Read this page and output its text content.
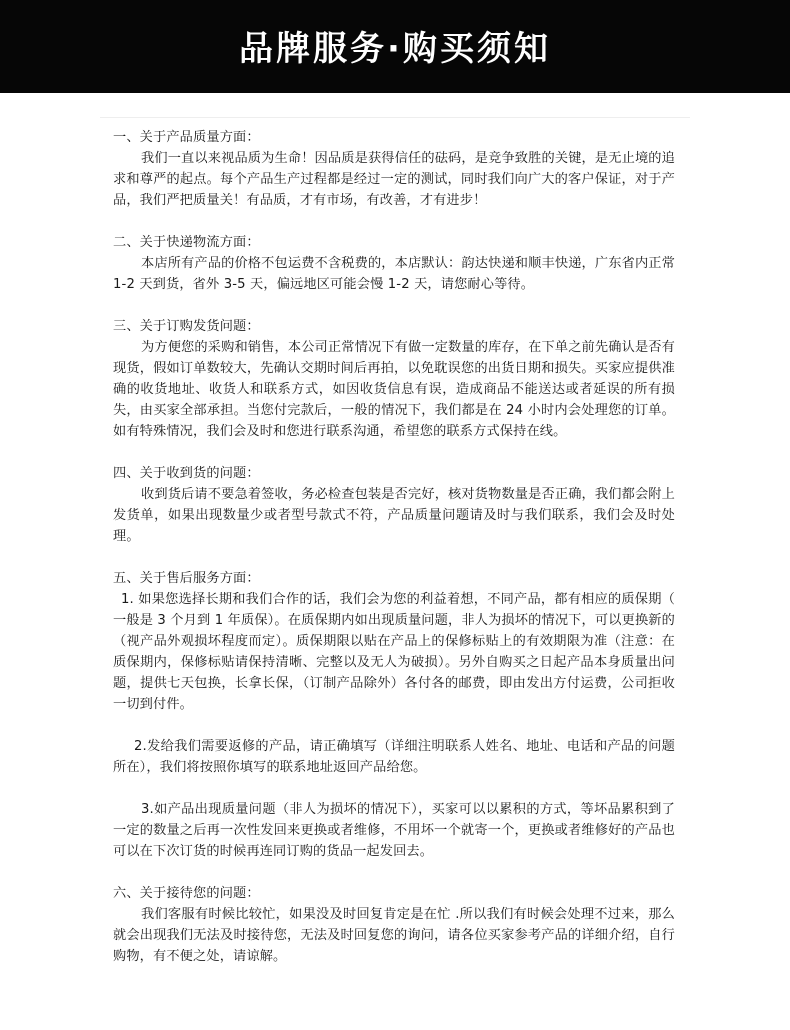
品牌服务·购买须知

一、关于产品质量方面：

我们一直以来视品质为生命！因品质是获得信任的砝码，是竞争致胜的关键，是无止境的追求和尊严的起点。每个产品生产过程都是经过一定的测试，同时我们向广大的客户保证，对于产品，我们严把质量关！有品质，才有市场，有改善，才有进步！

二、关于快递物流方面：

本店所有产品的价格不包运费不含税费的，本店默认：韵达快递和顺丰快递，广东省内正常 1-2 天到货，省外 3-5 天，偏远地区可能会慢 1-2 天，请您耐心等待。

三、关于订购发货问题：

为方便您的采购和销售，本公司正常情况下有做一定数量的库存，在下单之前先确认是否有现货，假如订单数较大，先确认交期时间后再拍，以免耽误您的出货日期和损失。买家应提供准确的收货地址、收货人和联系方式，如因收货信息有误，造成商品不能送达或者延误的所有损失，由买家全部承担。当您付完款后，一般的情况下，我们都是在 24 小时内会处理您的订单。如有特殊情况，我们会及时和您进行联系沟通，希望您的联系方式保持在线。

四、关于收到货的问题：

收到货后请不要急着签收，务必检查包装是否完好，核对货物数量是否正确，我们都会附上发货单，如果出现数量少或者型号款式不符，产品质量问题请及时与我们联系，我们会及时处理。

五、关于售后服务方面：

1. 如果您选择长期和我们合作的话，我们会为您的利益着想，不同产品，都有相应的质保期（ 一般是 3 个月到 1 年质保）。在质保期内如出现质量问题，非人为损坏的情况下，可以更换新的（视产品外观损坏程度而定）。质保期限以贴在产品上的保修标贴上的有效期限为准（注意：在质保期内，保修标贴请保持清晰、完整以及无人为破损）。另外自购买之日起产品本身质量出问题，提供七天包换，长拿长保，（订制产品除外）各付各的邮费，即由发出方付运费，公司拒收一切到付件。

2.发给我们需要返修的产品，请正确填写（详细注明联系人姓名、地址、电话和产品的问题所在），我们将按照你填写的联系地址返回产品给您。

3.如产品出现质量问题（非人为损坏的情况下），买家可以以累积的方式，等坏品累积到了一定的数量之后再一次性发回来更换或者维修，不用坏一个就寄一个，更换或者维修好的产品也可以在下次订货的时候再连同订购的货品一起发回去。

六、关于接待您的问题：

我们客服有时候比较忙，如果没及时回复肯定是在忙 .所以我们有时候会处理不过来，那么就会出现我们无法及时接待您，无法及时回复您的询问，请各位买家参考产品的详细介绍，自行购物，有不便之处，请谅解。
